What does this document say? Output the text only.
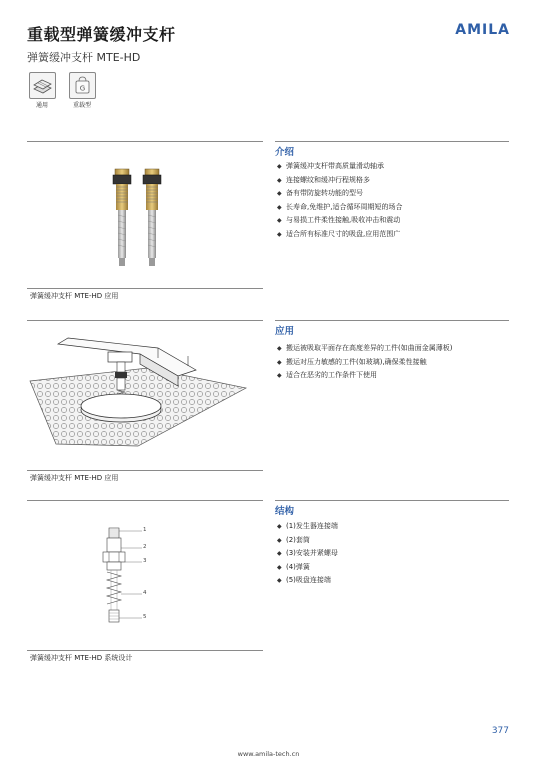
重载型弹簧缓冲支杆
弹簧缓冲支杆 MTE-HD
AMILA
通用
G
重载型
介绍
◆ 弹簧缓冲支杆带高质量滑动轴承
◆ 连接螺纹和缓冲行程规格多
◆ 备有带防旋转功能的型号
◆ 长寿命,免维护,适合循环周期短的场合
◆ 与易损工件柔性接触,吸收冲击和震动
◆ 适合所有标准尺寸的吸盘,应用范围广
弹簧缓冲支杆 MTE-HD 应用
应用
◆ 搬运被吸取平面存在高度差异的工件(如曲面金属薄板)
◆ 搬运对压力敏感的工件(如玻璃),确保柔性接触
◆ 适合在恶劣的工作条件下使用
弹簧缓冲支杆 MTE-HD 应用
结构
◆ (1)发生器连接端
◆ (2)套筒
◆ (3)安装并紧螺母
◆ (4)弹簧
◆ (5)吸盘连接端
1
2
3
4
5
弹簧缓冲支杆 MTE-HD 系统设计
377
www.amila-tech.cn
